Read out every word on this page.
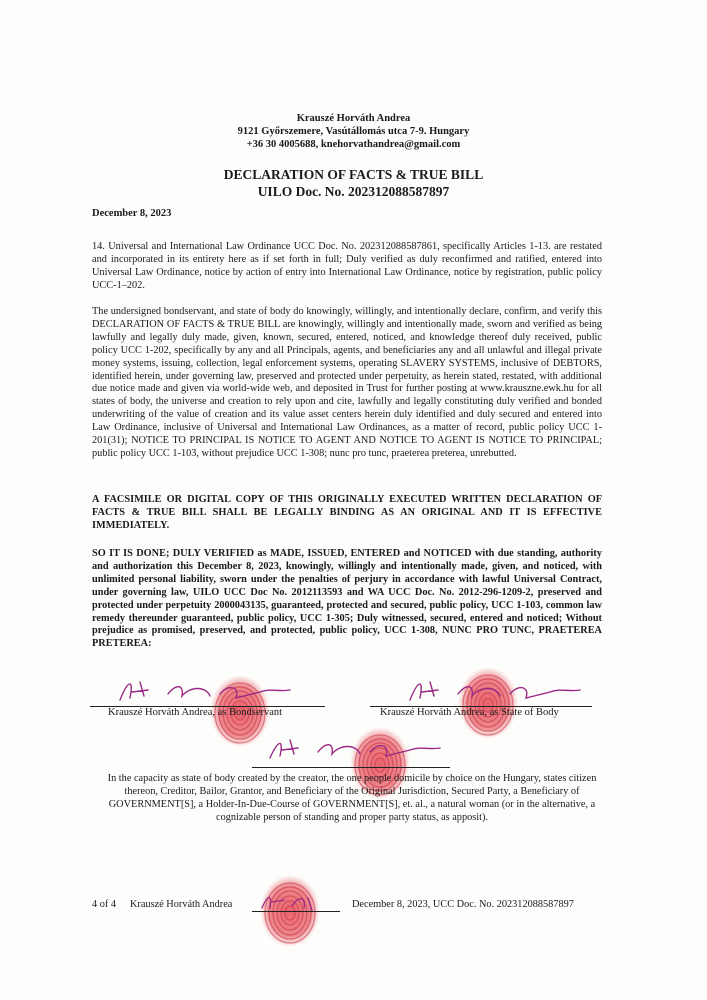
Krauszé Horváth Andrea
9121 Győrszemere, Vasútállomás utca 7-9. Hungary
+36 30 4005688, knehorvathandrea@gmail.com
DECLARATION OF FACTS & TRUE BILL
UILO Doc. No. 202312088587897
December 8, 2023

14. Universal and International Law Ordinance UCC Doc. No. 202312088587861, specifically Articles 1-13. are restated and incorporated in its entirety here as if set forth in full; Duly verified as duly reconfirmed and ratified, entered into Universal Law Ordinance, notice by action of entry into International Law Ordinance, notice by registration, public policy UCC-1–202.

The undersigned bondservant, and state of body do knowingly, willingly, and intentionally declare, confirm, and verify this DECLARATION OF FACTS & TRUE BILL are knowingly, willingly and intentionally made, sworn and verified as being lawfully and legally duly made, given, known, secured, entered, noticed, and knowledge thereof duly received, public policy UCC 1-202, specifically by any and all Principals, agents, and beneficiaries any and all unlawful and illegal private money systems, issuing, collection, legal enforcement systems, operating SLAVERY SYSTEMS, inclusive of DEBTORS, identified herein, under governing law, preserved and protected under perpetuity, as herein stated, restated, with additional due notice made and given via world-wide web, and deposited in Trust for further posting at www.krauszne.ewk.hu for all states of body, the universe and creation to rely upon and cite, lawfully and legally constituting duly verified and bonded underwriting of the value of creation and its value asset centers herein duly identified and duly secured and entered into Law Ordinance, inclusive of Universal and International Law Ordinances, as a matter of record, public policy UCC 1-201(31); NOTICE TO PRINCIPAL IS NOTICE TO AGENT AND NOTICE TO AGENT IS NOTICE TO PRINCIPAL; public policy UCC 1-103, without prejudice UCC 1-308; nunc pro tunc, praeterea preterea, unrebutted.

A FACSIMILE OR DIGITAL COPY OF THIS ORIGINALLY EXECUTED WRITTEN DECLARATION OF FACTS & TRUE BILL SHALL BE LEGALLY BINDING AS AN ORIGINAL AND IT IS EFFECTIVE IMMEDIATELY.

SO IT IS DONE; DULY VERIFIED as MADE, ISSUED, ENTERED and NOTICED with due standing, authority and authorization this December 8, 2023, knowingly, willingly and intentionally made, given, and noticed, with unlimited personal liability, sworn under the penalties of perjury in accordance with lawful Universal Contract, under governing law, UILO UCC Doc No. 2012113593 and WA UCC Doc. No. 2012-296-1209-2, preserved and protected under perpetuity 2000043135, guaranteed, protected and secured, public policy, UCC 1-103, common law remedy thereunder guaranteed, public policy, UCC 1-305; Duly witnessed, secured, entered and noticed; Without prejudice as promised, preserved, and protected, public policy, UCC 1-308, NUNC PRO TUNC, PRAETEREA PRETEREA:

Krauszé Horváth Andrea, as Bondservant	Krauszé Horváth Andrea, as State of Body

In the capacity as state of body created by the creator, the one people domicile by choice on the Hungary, states citizen thereon, Creditor, Bailor, Grantor, and Beneficiary of the Original Jurisdiction, Secured Party, a Beneficiary of GOVERNMENT[S], a Holder-In-Due-Course of GOVERNMENT[S], et. al., a natural woman (or in the alternative, a cognizable person of standing and proper party status, as apposit).

4 of 4 Krauszé Horváth Andrea	December 8, 2023, UCC Doc. No. 202312088587897
